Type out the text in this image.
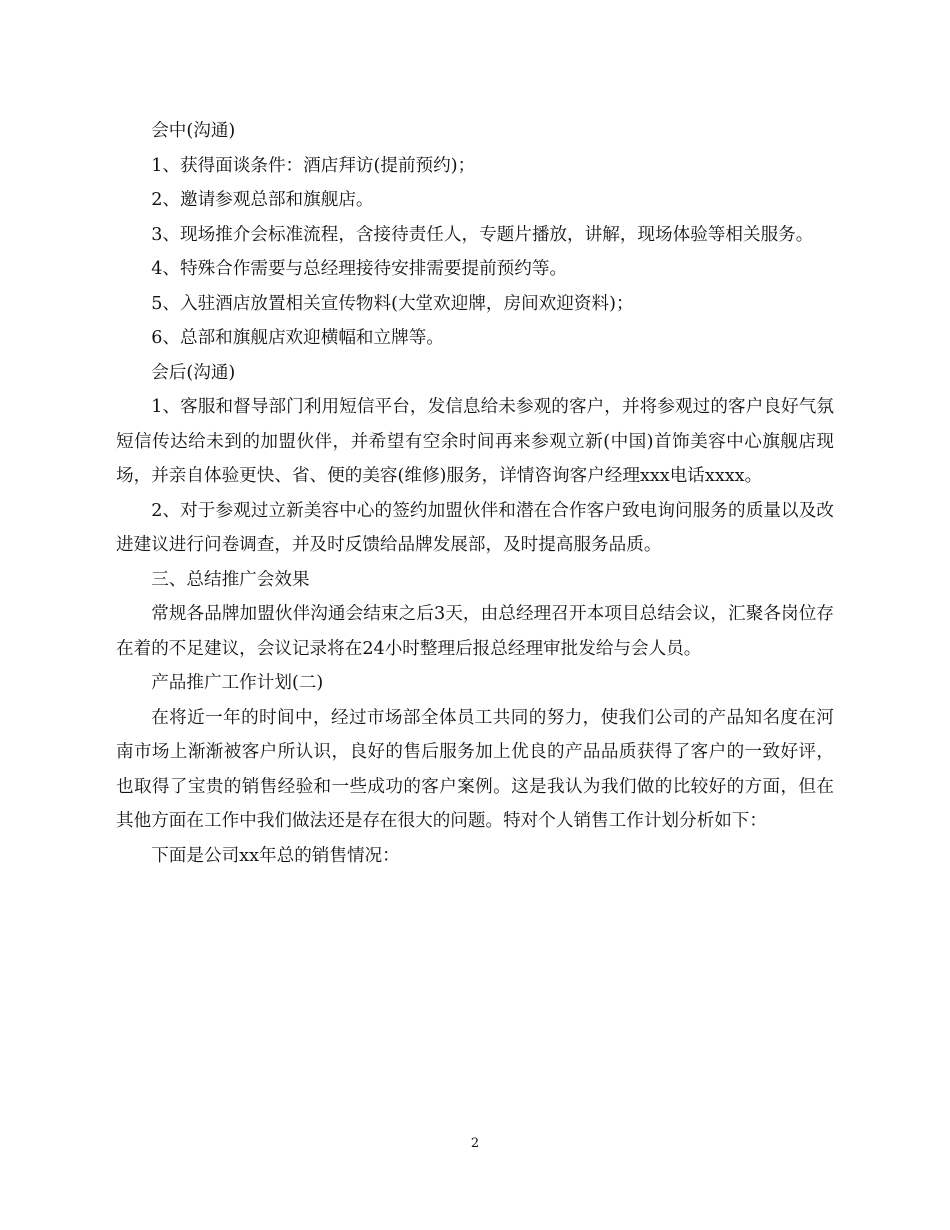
会中(沟通)

1、获得面谈条件：酒店拜访(提前预约)；

2、邀请参观总部和旗舰店。

3、现场推介会标准流程，含接待责任人，专题片播放，讲解，现场体验等相关服务。

4、特殊合作需要与总经理接待安排需要提前预约等。

5、入驻酒店放置相关宣传物料(大堂欢迎牌，房间欢迎资料)；

6、总部和旗舰店欢迎横幅和立牌等。

会后(沟通)

1、客服和督导部门利用短信平台，发信息给未参观的客户，并将参观过的客户良好气氛短信传达给未到的加盟伙伴，并希望有空余时间再来参观立新(中国)首饰美容中心旗舰店现场，并亲自体验更快、省、便的美容(维修)服务，详情咨询客户经理xxx电话xxxx。

2、对于参观过立新美容中心的签约加盟伙伴和潜在合作客户致电询问服务的质量以及改进建议进行问卷调查，并及时反馈给品牌发展部，及时提高服务品质。

三、总结推广会效果

常规各品牌加盟伙伴沟通会结束之后3天，由总经理召开本项目总结会议，汇聚各岗位存在着的不足建议，会议记录将在24小时整理后报总经理审批发给与会人员。

产品推广工作计划(二)

在将近一年的时间中，经过市场部全体员工共同的努力，使我们公司的产品知名度在河南市场上渐渐被客户所认识，良好的售后服务加上优良的产品品质获得了客户的一致好评，也取得了宝贵的销售经验和一些成功的客户案例。这是我认为我们做的比较好的方面，但在其他方面在工作中我们做法还是存在很大的问题。特对个人销售工作计划分析如下：

下面是公司xx年总的销售情况：

2
